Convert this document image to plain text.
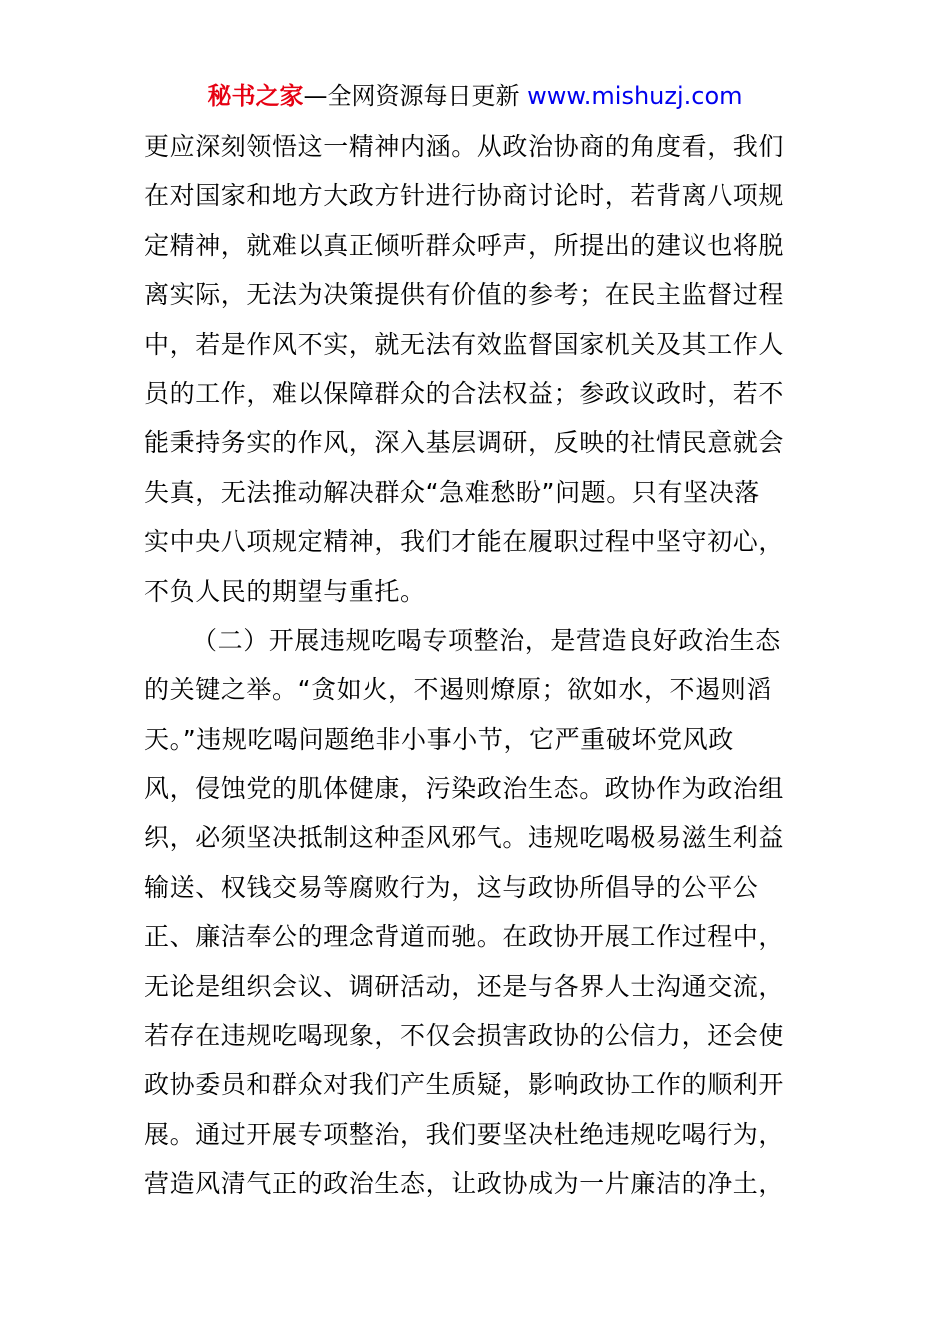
秘书之家—全网资源每日更新 www.mishuzj.com
更应深刻领悟这一精神内涵。从政治协商的角度看，我们
在对国家和地方大政方针进行协商讨论时，若背离八项规
定精神，就难以真正倾听群众呼声，所提出的建议也将脱
离实际，无法为决策提供有价值的参考；在民主监督过程
中，若是作风不实，就无法有效监督国家机关及其工作人
员的工作，难以保障群众的合法权益；参政议政时，若不
能秉持务实的作风，深入基层调研，反映的社情民意就会
失真，无法推动解决群众“急难愁盼”问题。只有坚决落
实中央八项规定精神，我们才能在履职过程中坚守初心，
不负人民的期望与重托。
（二）开展违规吃喝专项整治，是营造良好政治生态
的关键之举。“贪如火，不遏则燎原；欲如水，不遏则滔
天。”违规吃喝问题绝非小事小节，它严重破坏党风政
风，侵蚀党的肌体健康，污染政治生态。政协作为政治组
织，必须坚决抵制这种歪风邪气。违规吃喝极易滋生利益
输送、权钱交易等腐败行为，这与政协所倡导的公平公
正、廉洁奉公的理念背道而驰。在政协开展工作过程中，
无论是组织会议、调研活动，还是与各界人士沟通交流，
若存在违规吃喝现象，不仅会损害政协的公信力，还会使
政协委员和群众对我们产生质疑，影响政协工作的顺利开
展。通过开展专项整治，我们要坚决杜绝违规吃喝行为，
营造风清气正的政治生态，让政协成为一片廉洁的净土，
